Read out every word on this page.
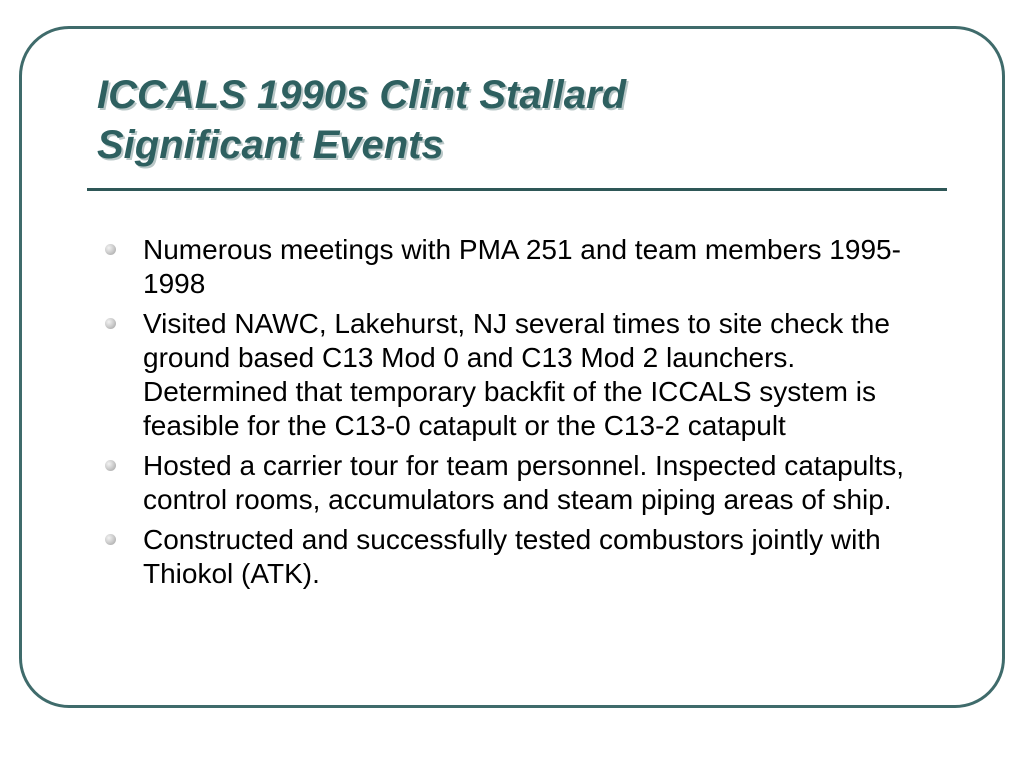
ICCALS 1990s Clint Stallard
Significant Events
Numerous meetings with PMA 251 and team members 1995-1998
Visited NAWC, Lakehurst, NJ several times to site check the ground based C13 Mod 0 and C13 Mod 2 launchers. Determined that temporary backfit of the ICCALS system is feasible for the C13-0 catapult or the C13-2 catapult
Hosted a carrier tour for team personnel. Inspected catapults, control rooms, accumulators and steam piping areas of ship.
Constructed and successfully tested combustors jointly with Thiokol (ATK).
